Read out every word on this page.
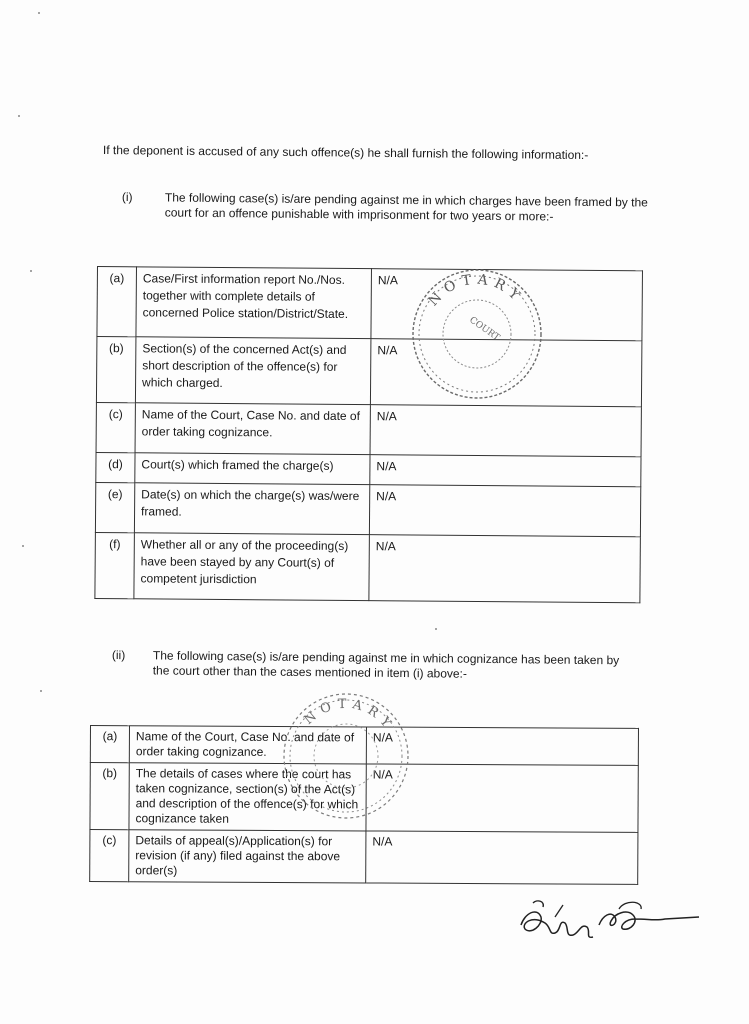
If the deponent is accused of any such offence(s) he shall furnish the following information:-
(i)	The following case(s) is/are pending against me in which charges have been framed by the court for an offence punishable with imprisonment for two years or more:-
(a)	Case/First information report No./Nos. together with complete details of concerned Police station/District/State.	N/A
(b)	Section(s) of the concerned Act(s) and short description of the offence(s) for which charged.	N/A
(c)	Name of the Court, Case No. and date of order taking cognizance.	N/A
(d)	Court(s) which framed the charge(s)	N/A
(e)	Date(s) on which the charge(s) was/were framed.	N/A
(f)	Whether all or any of the proceeding(s) have been stayed by any Court(s) of competent jurisdiction	N/A
NOTARY
COURT
(ii) The following case(s) is/are pending against me in which cognizance has been taken by the court other than the cases mentioned in item (i) above:-
(a)	Name of the Court, Case No. and date of order taking cognizance.	N/A
(b)	The details of cases where the court has taken cognizance, section(s) of the Act(s) and description of the offence(s) for which cognizance taken	N/A
(c)	Details of appeal(s)/Application(s) for revision (if any) filed against the above order(s)	N/A
NOTARY
